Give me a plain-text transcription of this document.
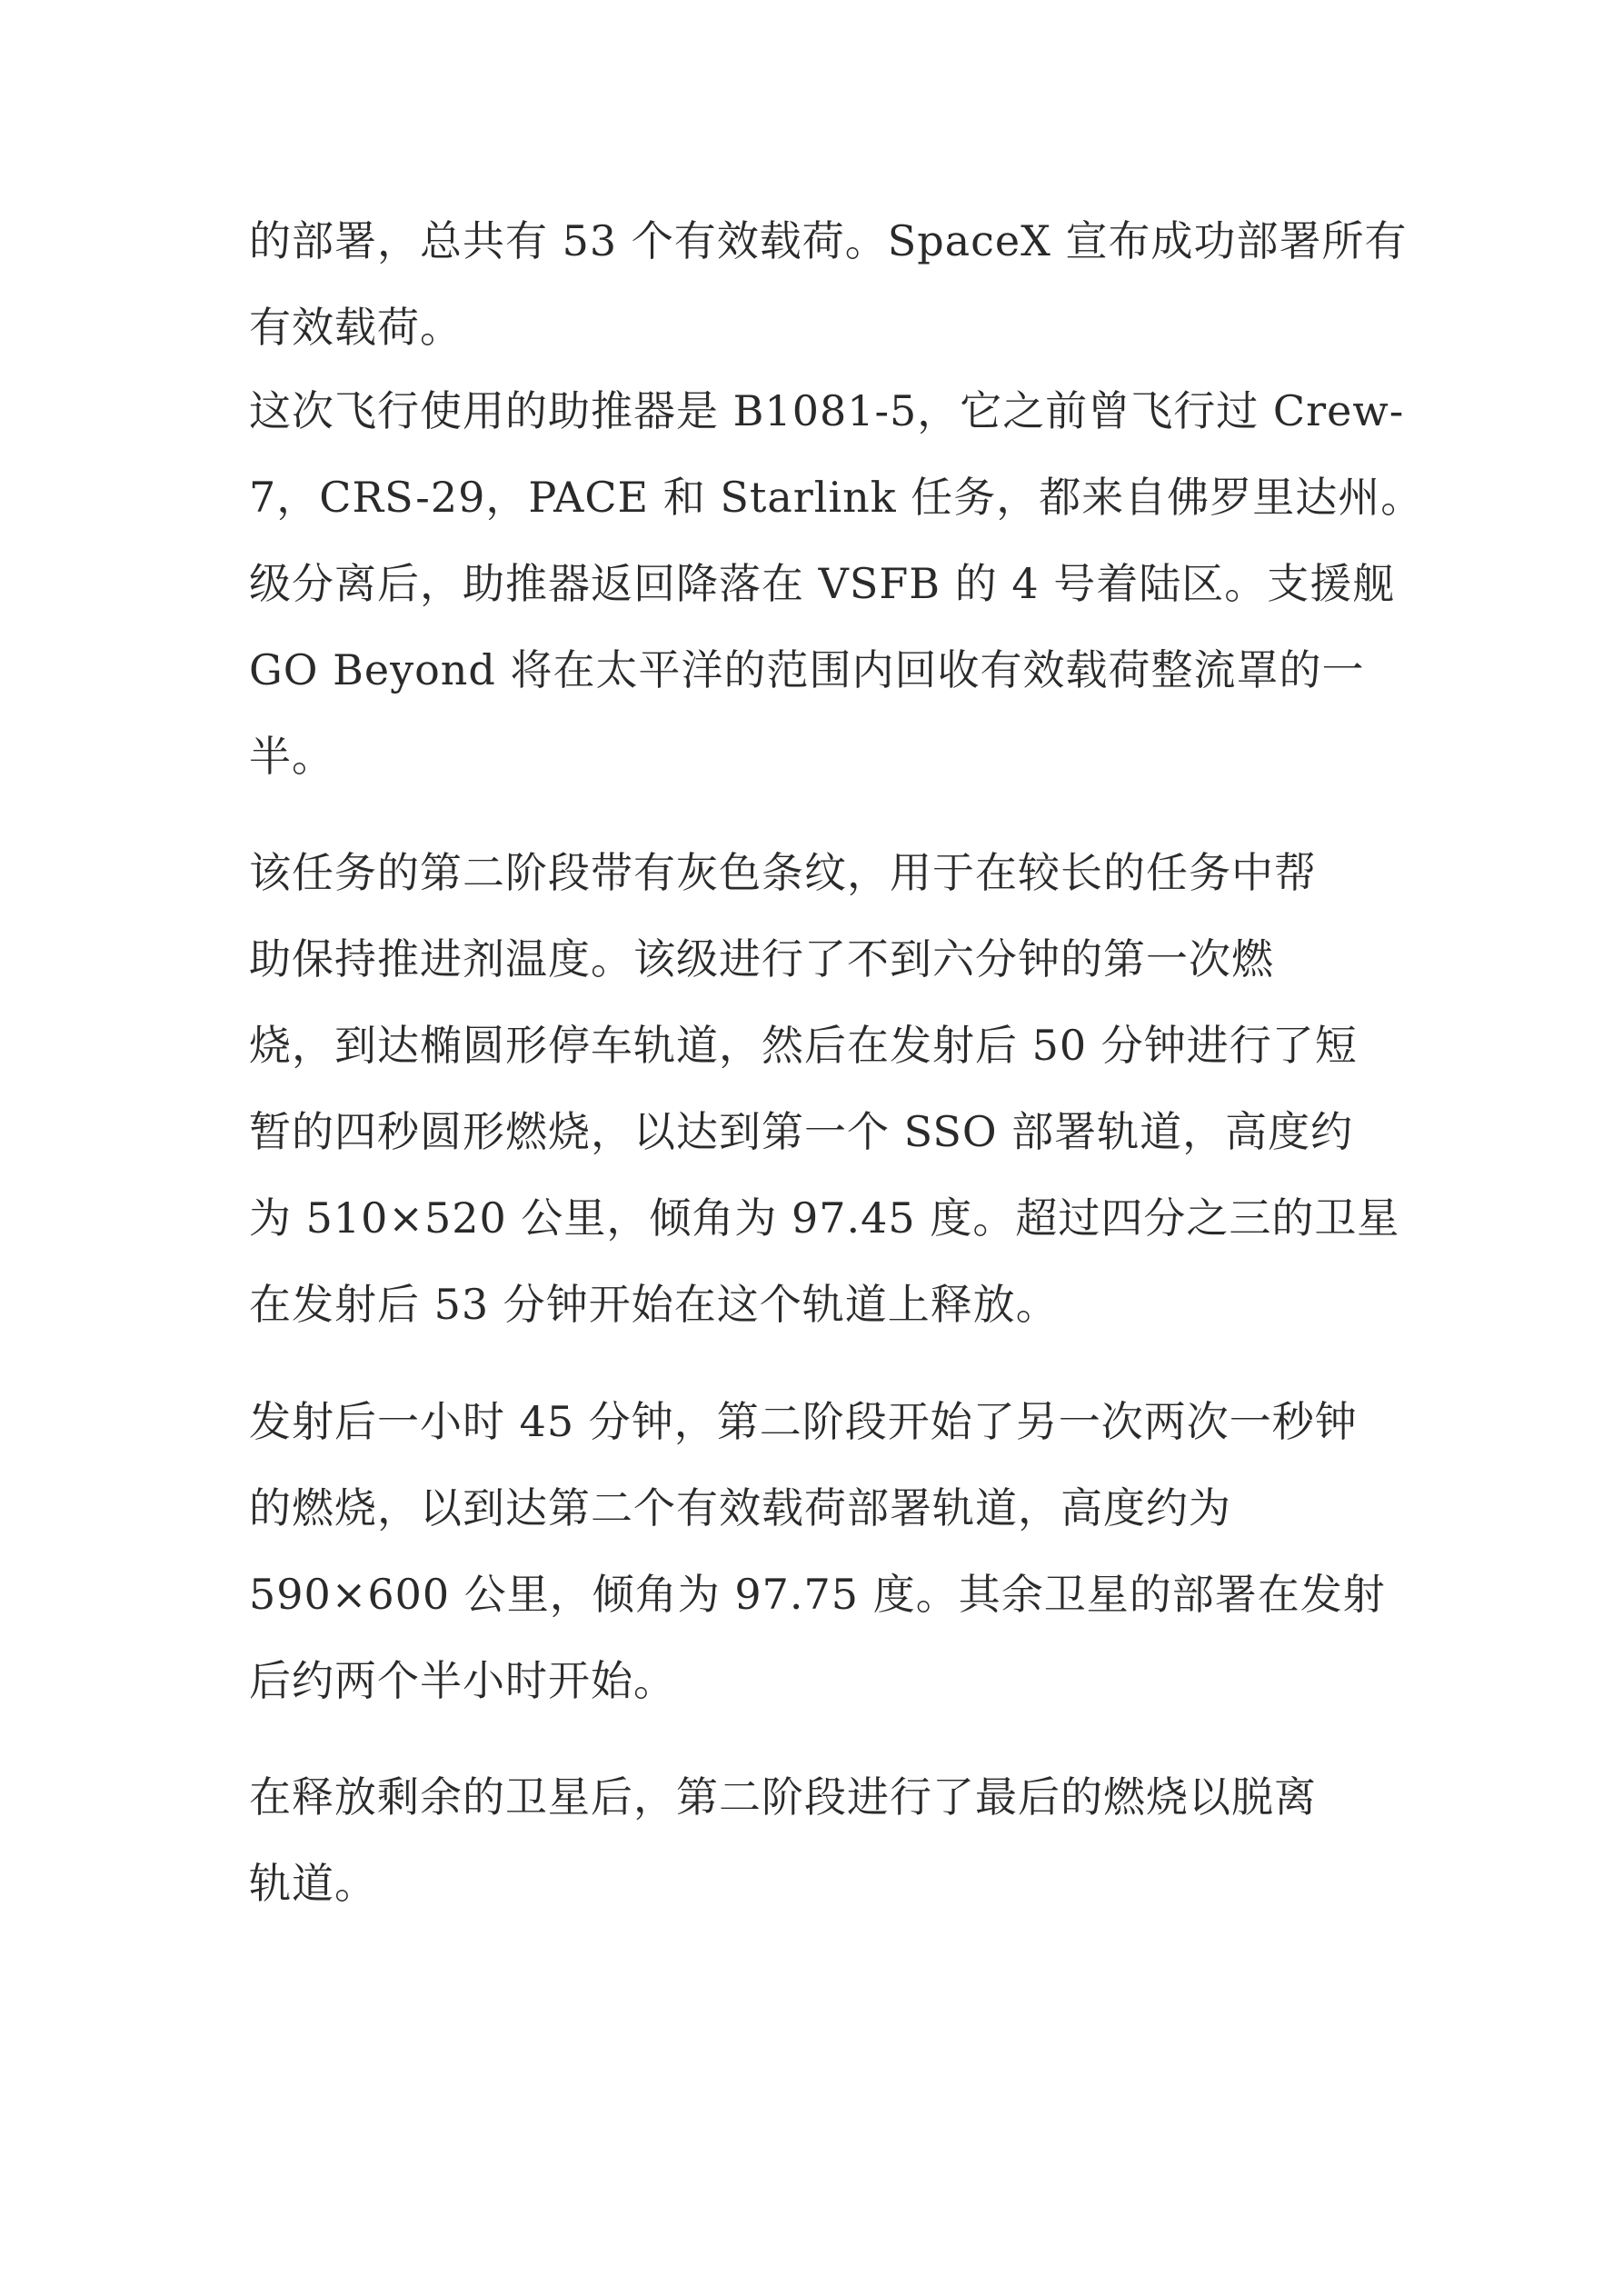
的部署，总共有 53 个有效载荷。SpaceX 宣布成功部署所有
有效载荷。

这次飞行使用的助推器是 B1081-5，它之前曾飞行过 Crew-
7，CRS-29，PACE 和 Starlink 任务，都来自佛罗里达州。
级分离后，助推器返回降落在 VSFB 的 4 号着陆区。支援舰
GO Beyond 将在太平洋的范围内回收有效载荷整流罩的一
半。

该任务的第二阶段带有灰色条纹，用于在较长的任务中帮
助保持推进剂温度。该级进行了不到六分钟的第一次燃
烧，到达椭圆形停车轨道，然后在发射后 50 分钟进行了短
暂的四秒圆形燃烧，以达到第一个 SSO 部署轨道，高度约
为 510×520 公里，倾角为 97.45 度。超过四分之三的卫星
在发射后 53 分钟开始在这个轨道上释放。

发射后一小时 45 分钟，第二阶段开始了另一次两次一秒钟
的燃烧，以到达第二个有效载荷部署轨道，高度约为
590×600 公里，倾角为 97.75 度。其余卫星的部署在发射
后约两个半小时开始。

在释放剩余的卫星后，第二阶段进行了最后的燃烧以脱离
轨道。
